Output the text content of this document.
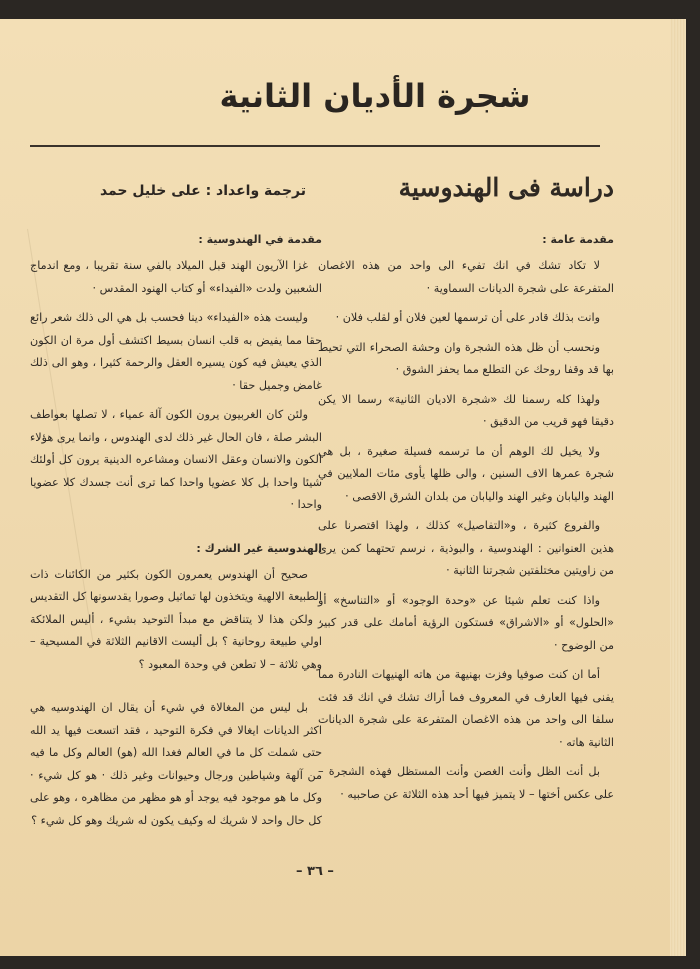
شجرة الأديان الثانية
دراسة فى الهندوسية
ترجمة واعداد : على خليل حمد
مقدمة عامة :

لا تكاد تشك في انك تفيء الى واحد من هذه الاغصان المتفرعة على شجرة الديانات السماوية ·

وانت بذلك قادر على أن ترسمها لعين فلان أو لقلب فلان ·

ونحسب أن ظل هذه الشجرة وان وحشة الصحراء التي تحيط بها قد وقفا روحك عن التطلع مما يحفز الشوق ·

ولهذا كله رسمنا لك «شجرة الاديان الثانية» رسما الا يكن دقيقا فهو قريب من الدقيق ·

ولا يخيل لك الوهم أن ما ترسمه فسيلة صغيرة ، بل هي شجرة عمرها الاف السنين ، والى ظلها يأوى مئات الملايين في الهند واليابان وغير الهند واليابان من بلدان الشرق الاقصى ·

والفروع كثيرة ، و«التفاصيل» كذلك ، ولهذا اقتصرنا على هذين العنوانين : الهندوسية ، والبوذية ، نرسم تحتهما كمن يرى من زاويتين مختلفتين شجرتنا الثانية ·

واذا كنت تعلم شيئا عن «وحدة الوجود» أو «التناسخ» أو «الحلول» أو «الاشراق» فستكون الرؤية أمامك على قدر كبير من الوضوح ·

أما ان كنت صوفيا وفزت بهنيهة من هاته الهنيهات النادرة مما يفنى فيها العارف في المعروف فما أراك تشك في انك قد فئت سلفا الى واحد من هذه الاغصان المتفرعة على شجرة الديانات الثانية هاته ·

بل أنت الظل وأنت الغصن وأنت المستظل فهذه الشجرة – على عكس أختها – لا يتميز فيها أحد هذه الثلاثة عن صاحبيه ·

مقدمة في الهندوسية :

غزا الآريون الهند قبل الميلاد بالفي سنة تقريبا ، ومع اندماج الشعبين ولدت «الفيداء» أو كتاب الهنود المقدس ·

وليست هذه «الفيداء» دينا فحسب بل هي الى ذلك شعر رائع حقا مما يفيض به قلب انسان بسيط اكتشف أول مرة ان الكون الذي يعيش فيه كون يسيره العقل والرحمة كثيرا ، وهو الى ذلك غامض وجميل حقا ·

ولئن كان الغربيون يرون الكون آلة عمياء ، لا تصلها بعواطف البشر صلة ، فان الحال غير ذلك لدى الهندوس ، وانما يرى هؤلاء الكون والانسان وعقل الانسان ومشاعره الدينية يرون كل أولئك شيئا واحدا بل كلا عضويا واحدا كما ترى أنت جسدك كلا عضويا واحدا ·

الهندوسية غير الشرك :

صحيح أن الهندوس يعمرون الكون بكثير من الكائنات ذات الطبيعة الالهية ويتخذون لها تماثيل وصورا يقدسونها كل التقديس ، ولكن هذا لا يتناقض مع مبدأ التوحيد بشيء ، أليس الملائكة اولي طبيعة روحانية ؟ بل أليست الاقانيم الثلاثة في المسيحية – وهي ثلاثة – لا تطعن في وحدة المعبود ؟

بل ليس من المغالاة في شيء أن يقال ان الهندوسيه هي اكثر الديانات ايغالا في فكرة التوحيد ، فقد اتسعت فيها يد الله حتى شملت كل ما في العالم فغدا الله (هو) العالم وكل ما فيه من آلهة وشياطين ورجال وحيوانات وغير ذلك · هو كل شيء · وكل ما هو موجود فيه يوجد أو هو مظهر من مظاهره ، وهو على كل حال واحد لا شريك له وكيف يكون له شريك وهو كل شيء ؟

– ٣٦ –
